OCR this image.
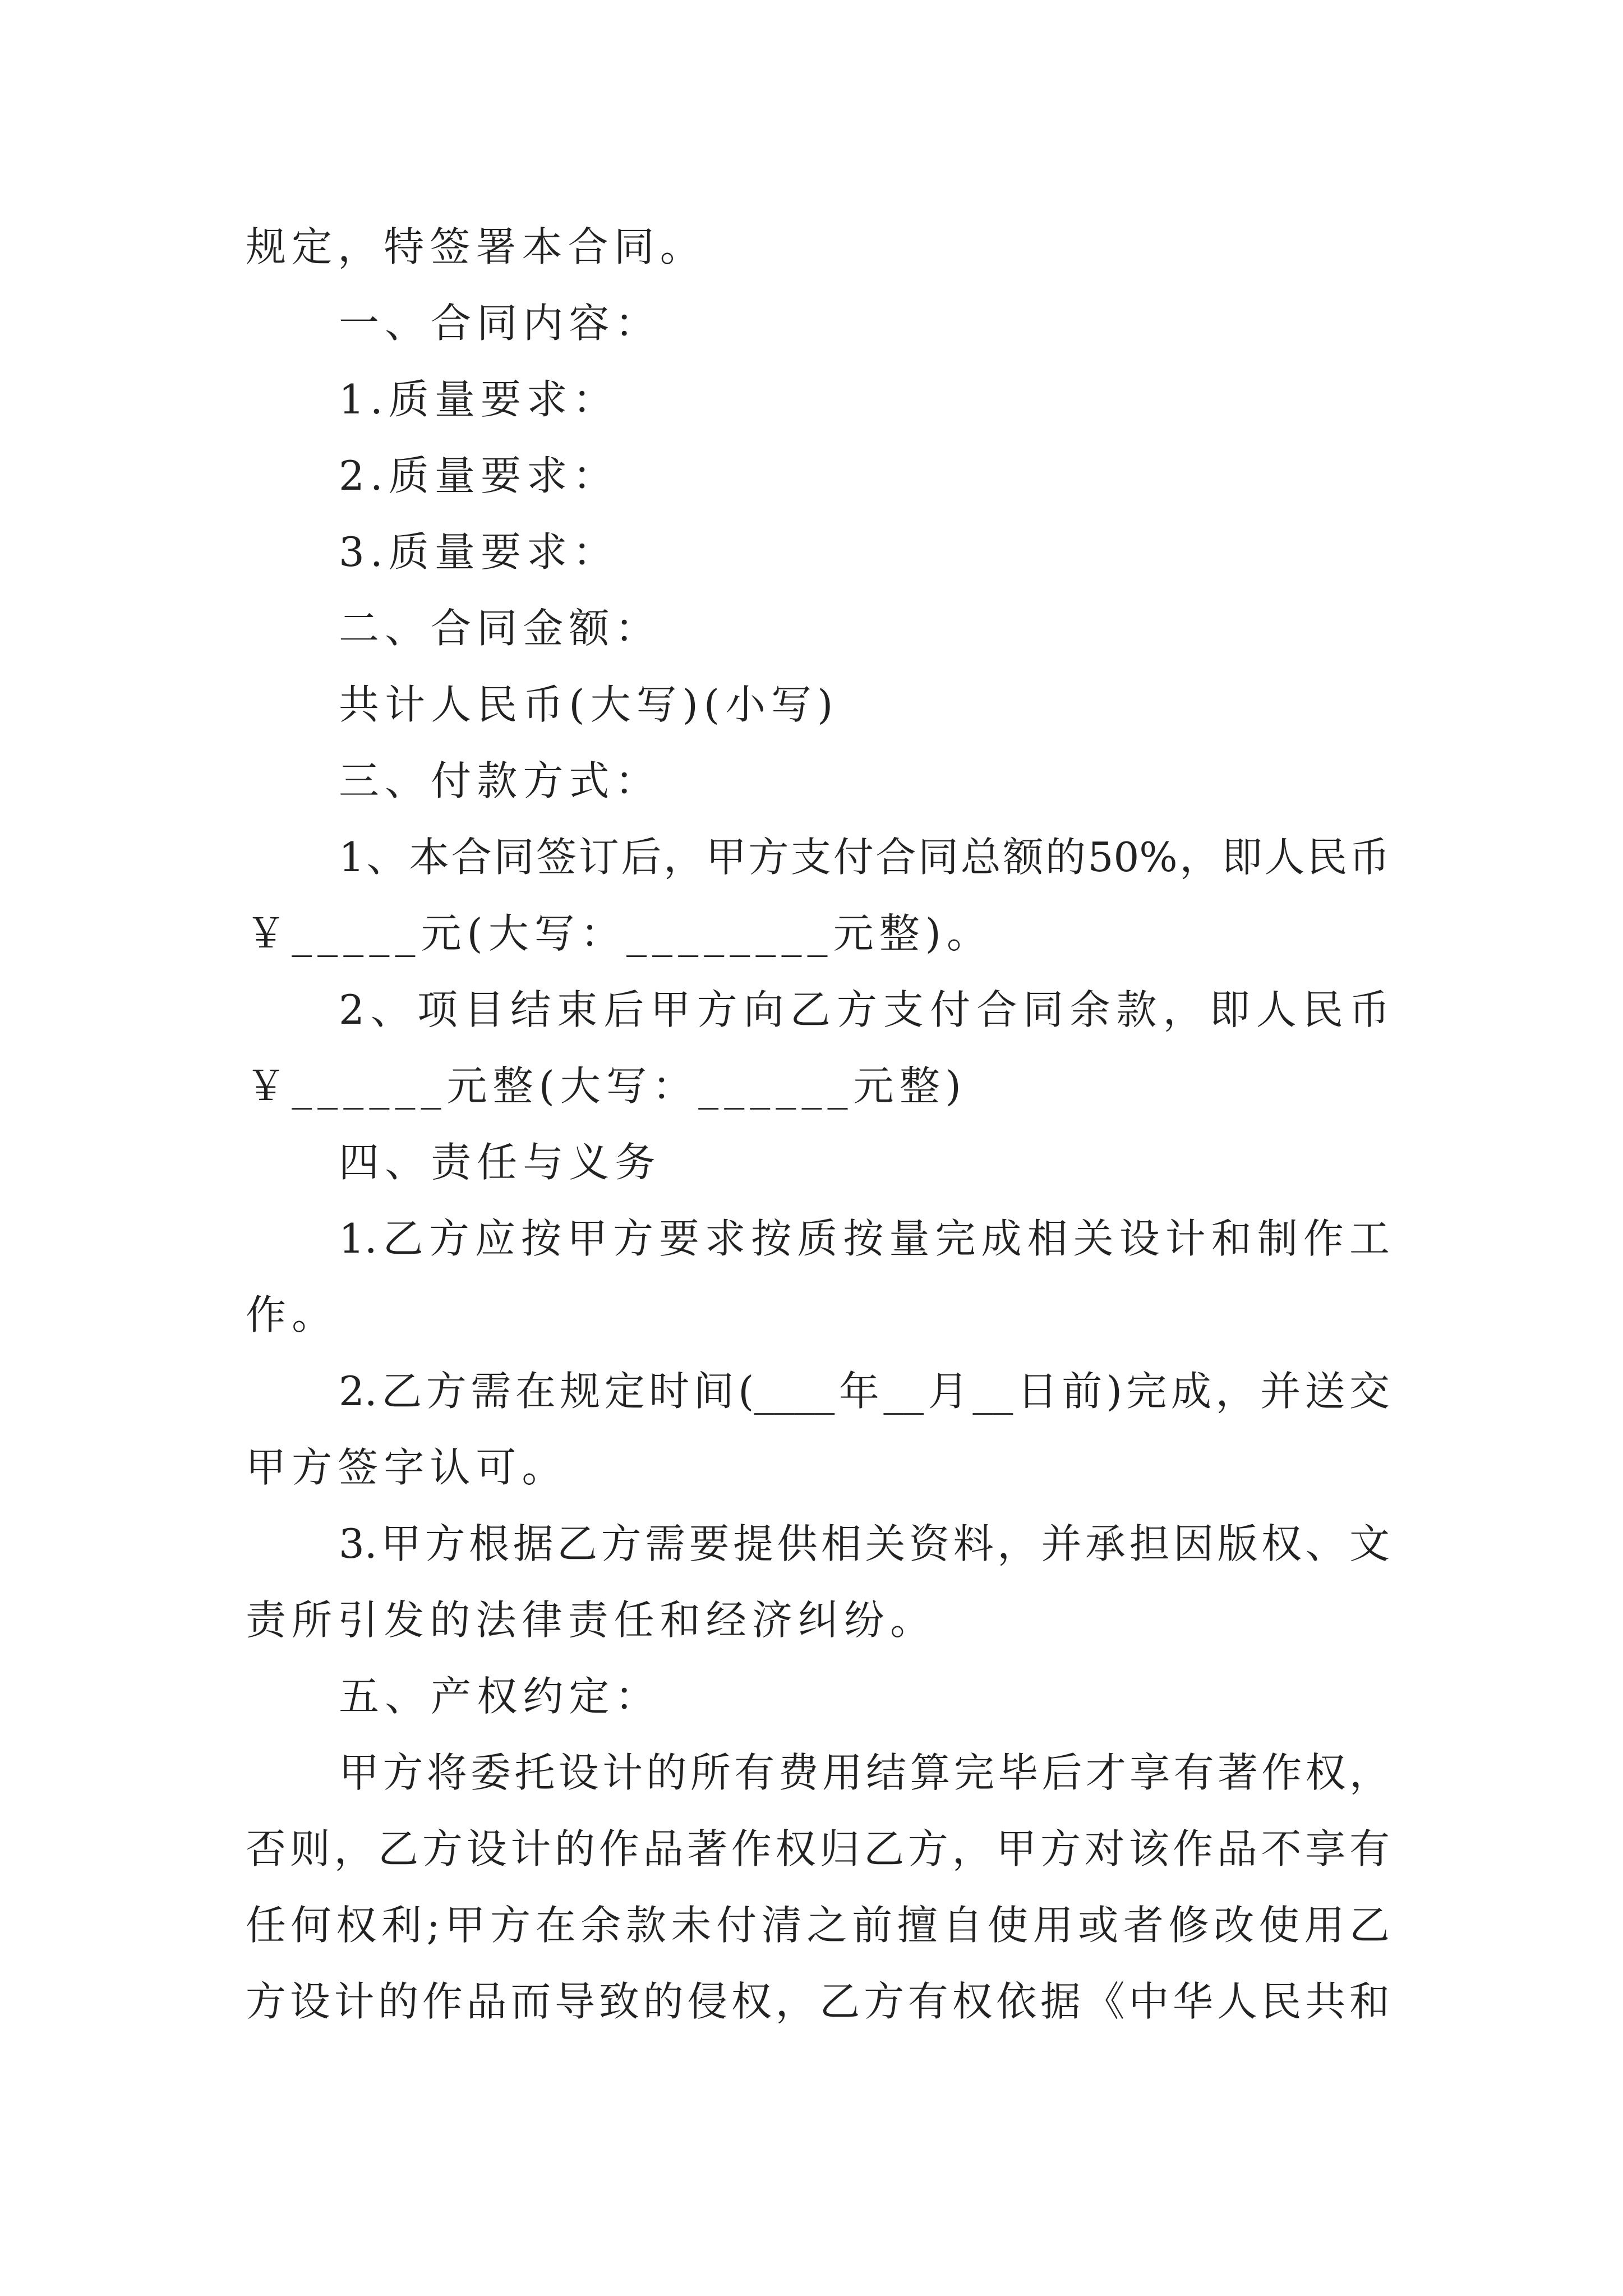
规定，特签署本合同。
一、合同内容：
1.质量要求：
2.质量要求：
3.质量要求：
二、合同金额：
共计人民币(大写)(小写)
三、付款方式：
1、本合同签订后，甲方支付合同总额的50%，即人民币
￥_____元(大写：________元整)。
2、项目结束后甲方向乙方支付合同余款，即人民币
￥______元整(大写：______元整)
四、责任与义务
1.乙方应按甲方要求按质按量完成相关设计和制作工
作。
2.乙方需在规定时间(____年__月__日前)完成，并送交
甲方签字认可。
3.甲方根据乙方需要提供相关资料，并承担因版权、文
责所引发的法律责任和经济纠纷。
五、产权约定：
甲方将委托设计的所有费用结算完毕后才享有著作权，
否则，乙方设计的作品著作权归乙方，甲方对该作品不享有
任何权利;甲方在余款未付清之前擅自使用或者修改使用乙
方设计的作品而导致的侵权，乙方有权依据《中华人民共和
